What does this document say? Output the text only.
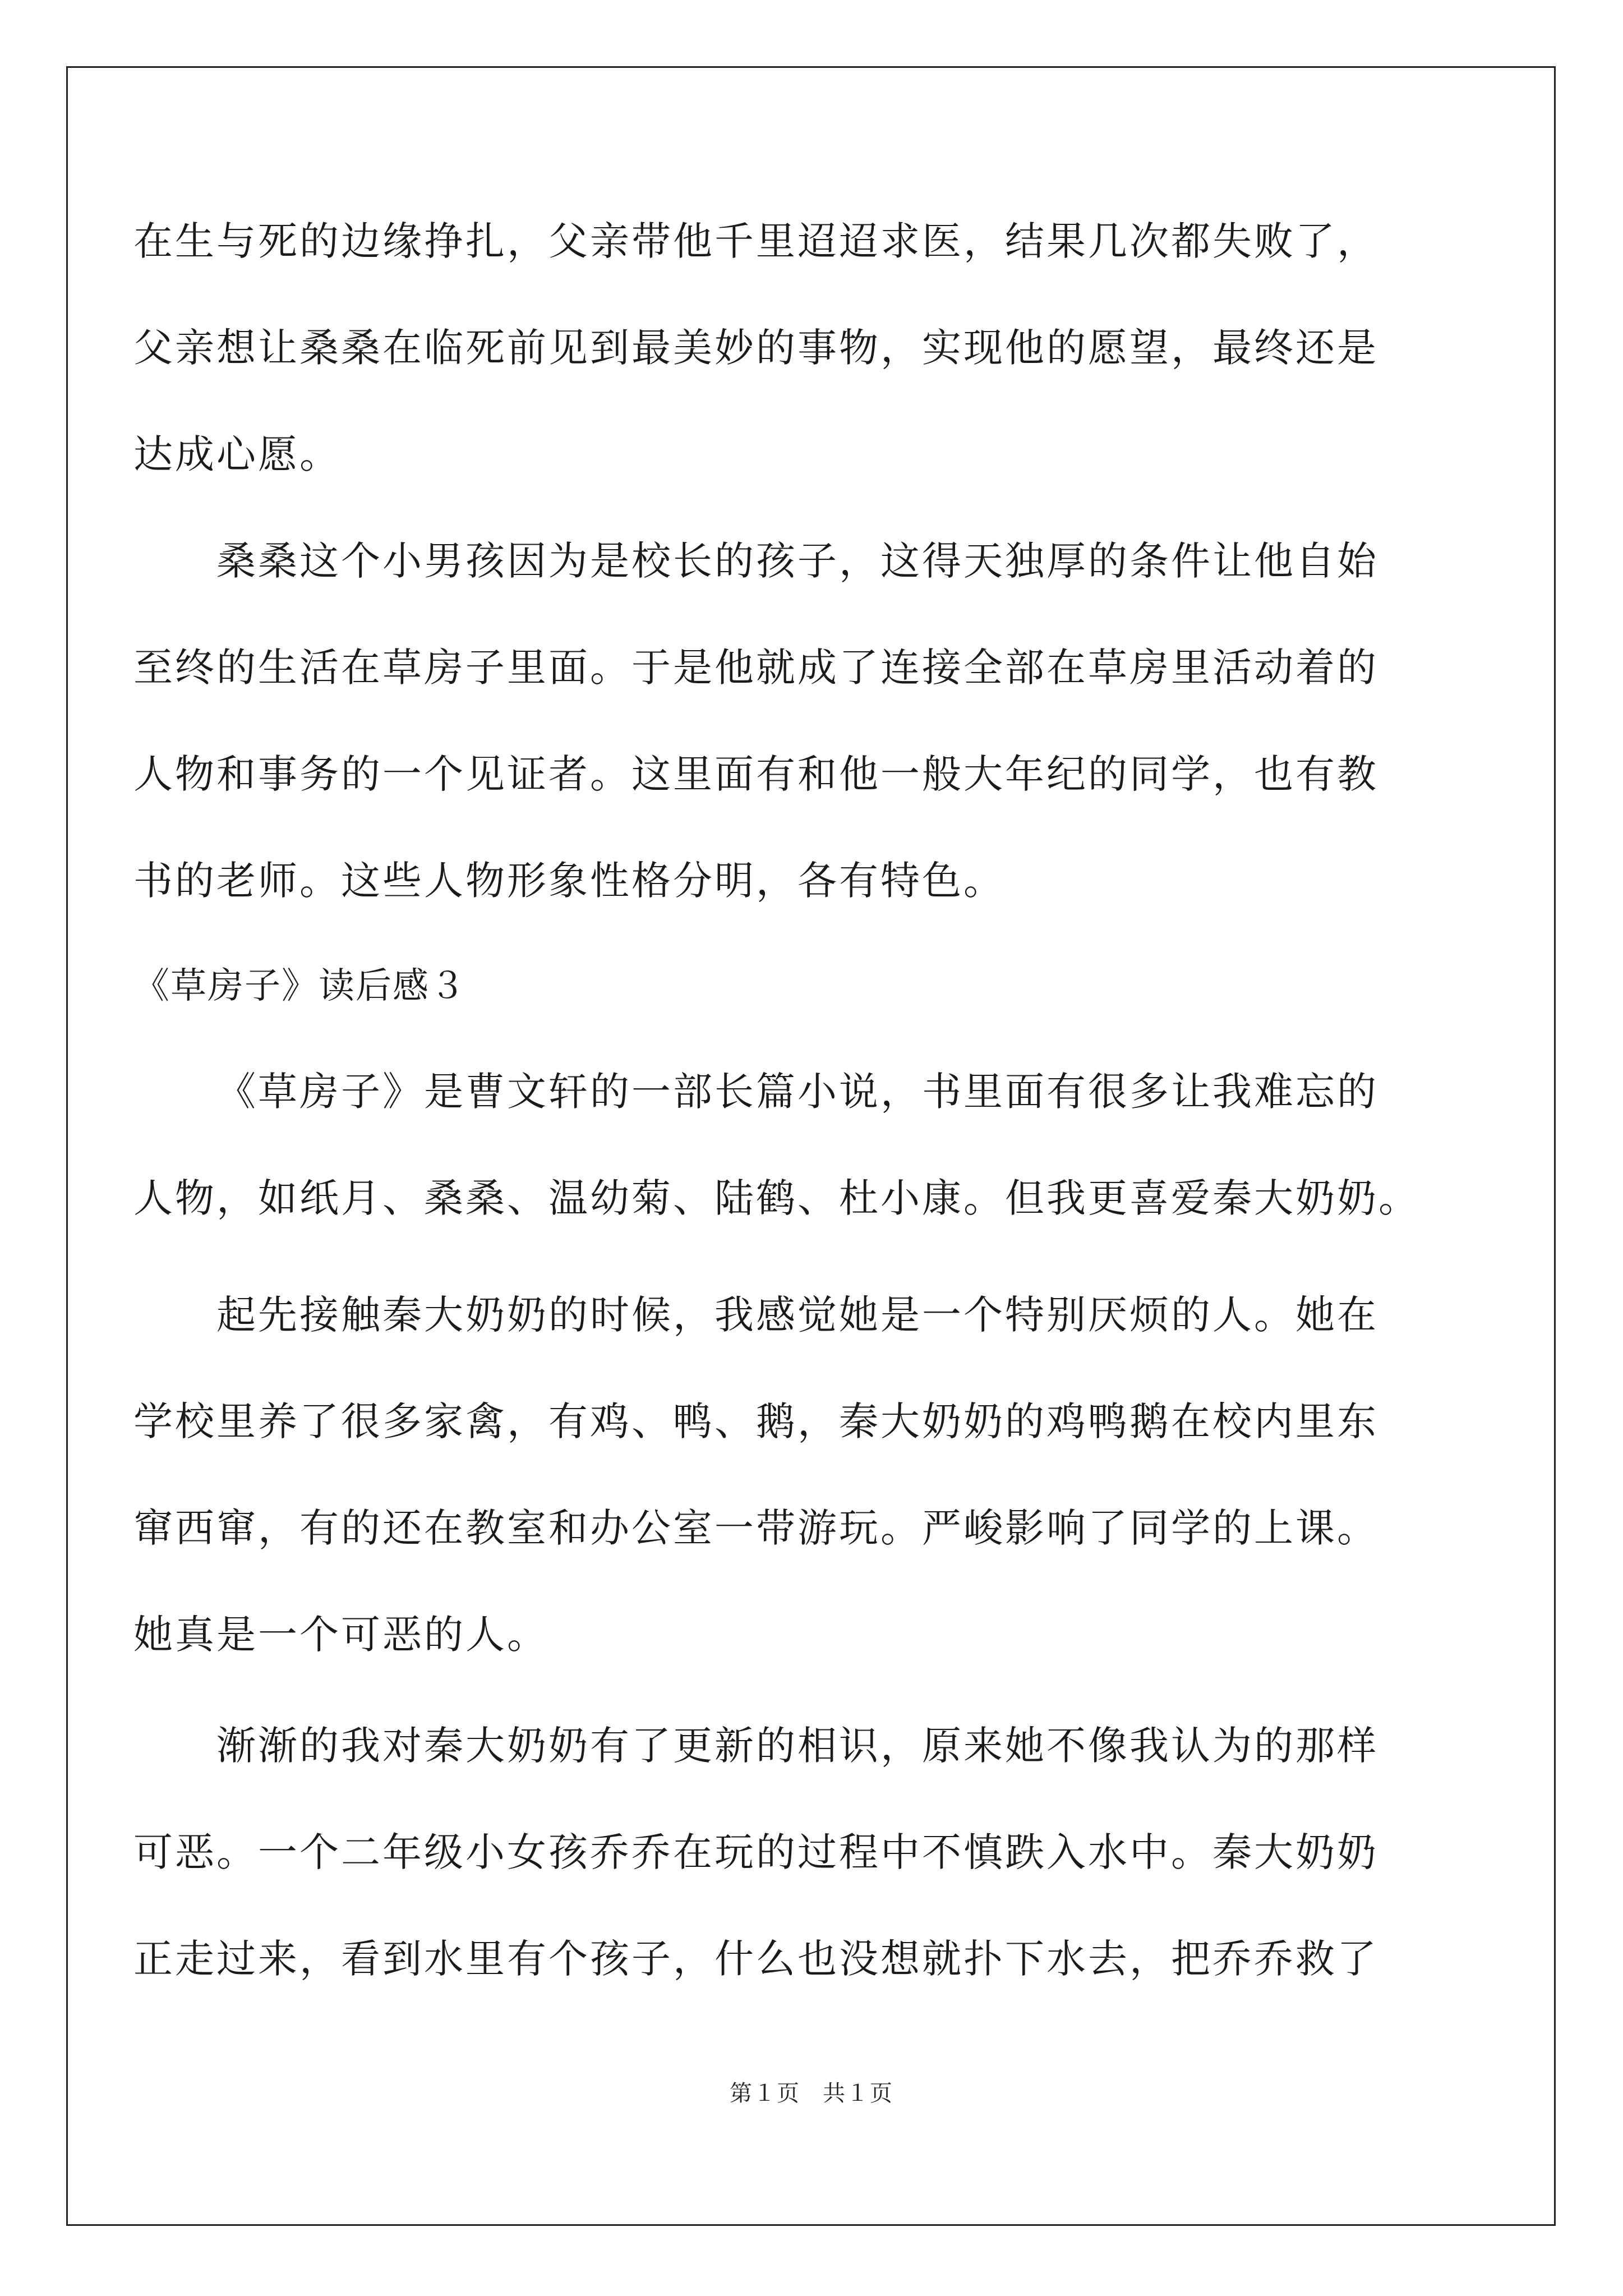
在生与死的边缘挣扎，父亲带他千里迢迢求医，结果几次都失败了，
父亲想让桑桑在临死前见到最美妙的事物，实现他的愿望，最终还是
达成心愿。
桑桑这个小男孩因为是校长的孩子，这得天独厚的条件让他自始
至终的生活在草房子里面。于是他就成了连接全部在草房里活动着的
人物和事务的一个见证者。这里面有和他一般大年纪的同学，也有教
书的老师。这些人物形象性格分明，各有特色。
《草房子》读后感３
《草房子》是曹文轩的一部长篇小说，书里面有很多让我难忘的
人物，如纸月、桑桑、温幼菊、陆鹤、杜小康。但我更喜爱秦大奶奶。
起先接触秦大奶奶的时候，我感觉她是一个特别厌烦的人。她在
学校里养了很多家禽，有鸡、鸭、鹅，秦大奶奶的鸡鸭鹅在校内里东
窜西窜，有的还在教室和办公室一带游玩。严峻影响了同学的上课。
她真是一个可恶的人。
渐渐的我对秦大奶奶有了更新的相识，原来她不像我认为的那样
可恶。一个二年级小女孩乔乔在玩的过程中不慎跌入水中。秦大奶奶
正走过来，看到水里有个孩子，什么也没想就扑下水去，把乔乔救了
第１页 共１页
